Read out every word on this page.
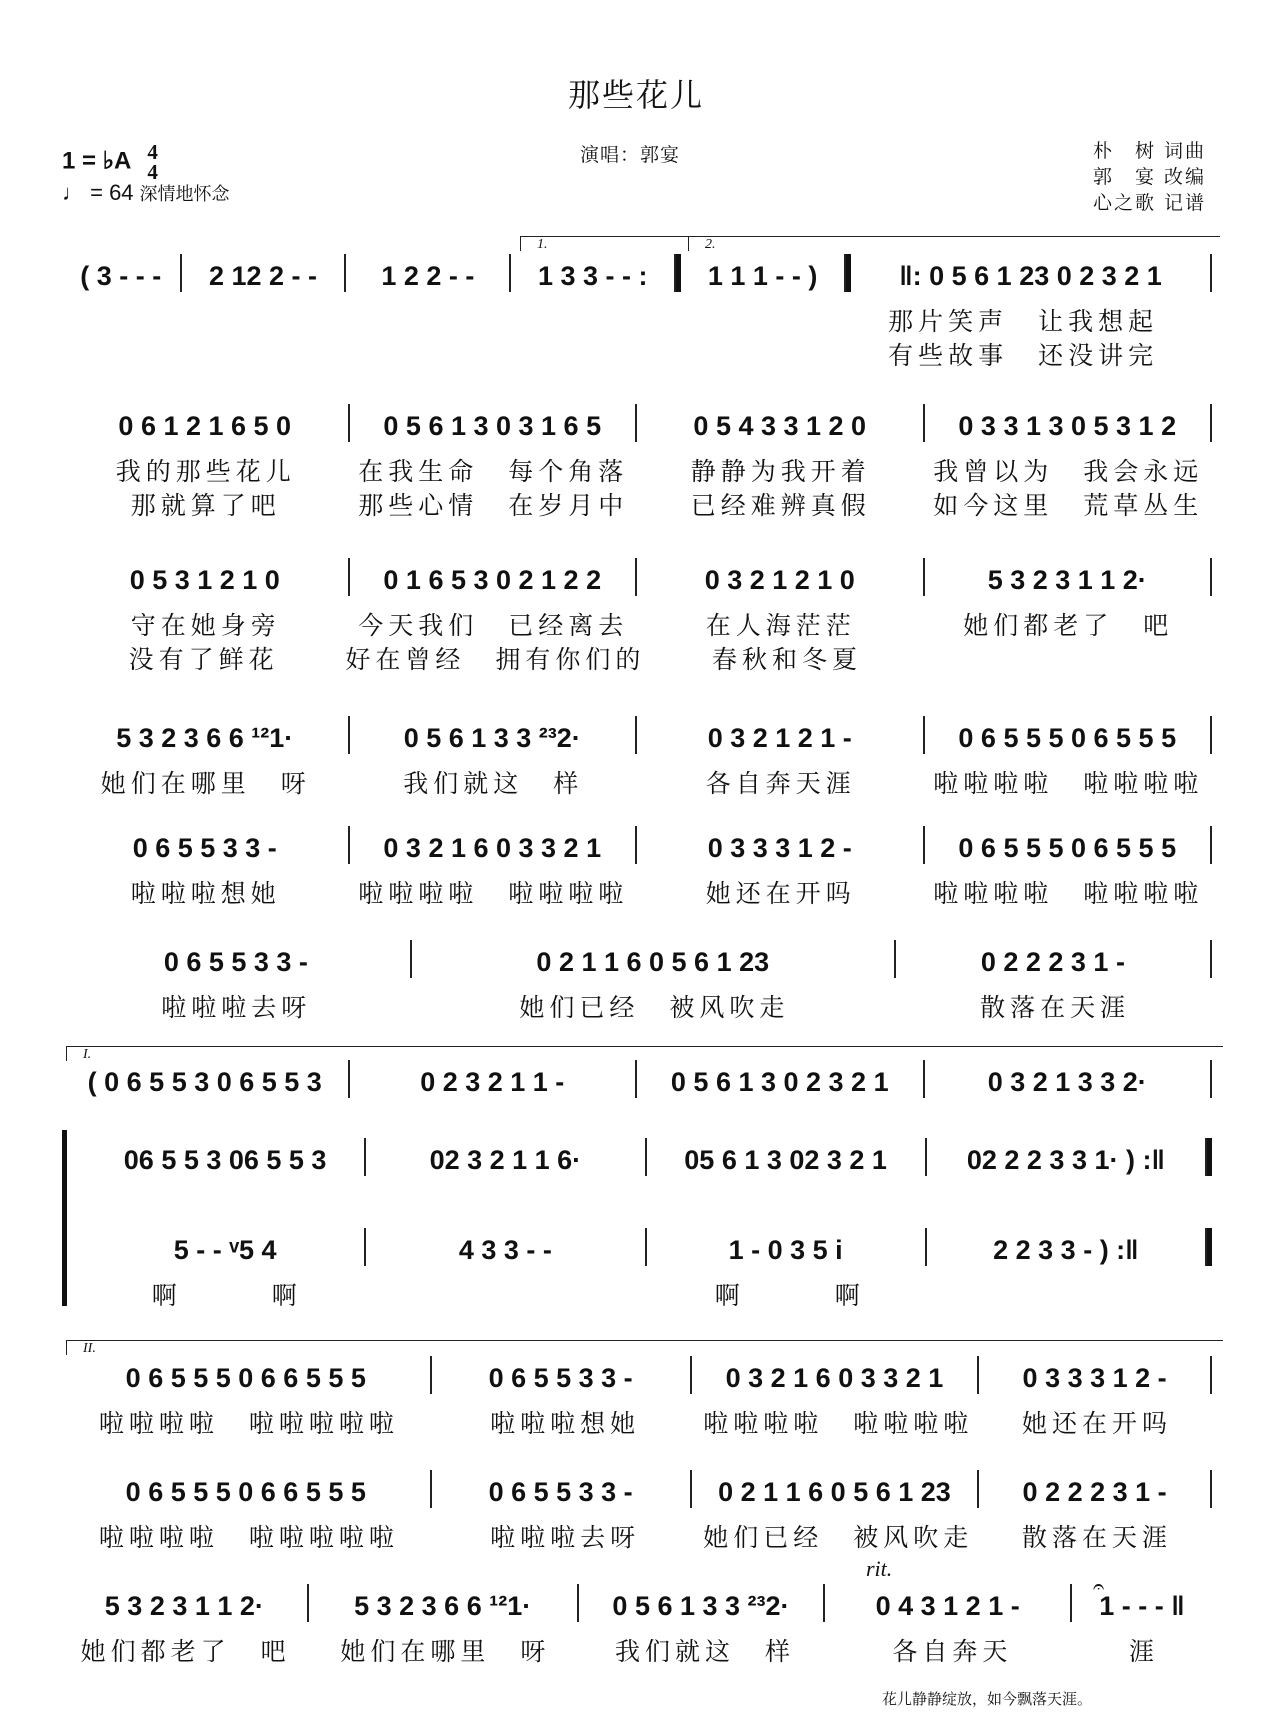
那些花儿
1 = ♭A 4
4
♩ = 64 深情地怀念
演唱：郭宴	朴　树 词曲
郭　宴 改编
心之歌 记谱
1.	2.
( 3 - - -	2 12 2 - -	1 2 2 - -	1 3 3 - - :	1 1 1 - - )	‖: 0 5 6 1 23 0 2 3 2 1
那片笑声　让我想起
有些故事　还没讲完
0 6 1 2 1 6 5 0	0 5 6 1 3 0 3 1 6 5	0 5 4 3 3 1 2 0	0 3 3 1 3 0 5 3 1 2
我的那些花儿	在我生命　每个角落	静静为我开着	我曾以为　我会永远
那就算了吧	那些心情　在岁月中	已经难辨真假	如今这里　荒草丛生
0 5 3 1 2 1 0	0 1 6 5 3 0 2 1 2 2	0 3 2 1 2 1 0	5 3 2 3 1 1 2·
守在她身旁	今天我们　已经离去	在人海茫茫	她们都老了　吧
没有了鲜花	好在曾经　拥有你们的	春秋和冬夏
5 3 2 3 6 6 ¹²1·	0 5 6 1 3 3 ²³2·	0 3 2 1 2 1 -	0 6 5 5 5 0 6 5 5 5
她们在哪里　呀	我们就这　样	各自奔天涯	啦啦啦啦　啦啦啦啦
0 6 5 5 3 3 -	0 3 2 1 6 0 3 3 2 1	0 3 3 3 1 2 -	0 6 5 5 5 0 6 5 5 5
啦啦啦想她	啦啦啦啦　啦啦啦啦	她还在开吗	啦啦啦啦　啦啦啦啦
0 6 5 5 3 3 -	0 2 1 1 6 0 5 6 1 23	0 2 2 2 3 1 -
啦啦啦去呀	她们已经　被风吹走	散落在天涯
I.
( 0 6 5 5 3 0 6 5 5 3	0 2 3 2 1 1 -	0 5 6 1 3 0 2 3 2 1	0 3 2 1 3 3 2·
06 5 5 3 06 5 5 3	02 3 2 1 1 6·	05 6 1 3 02 3 2 1	02 2 2 3 3 1· ) :‖
5 - - ᵛ5 4	4 3 3 - -	1 - 0 3 5 i	2 2 3 3 - ) :‖
啊　　　啊	啊　　　啊
II.
0 6 5 5 5 0 6 6 5 5 5	0 6 5 5 3 3 -	0 3 2 1 6 0 3 3 2 1	0 3 3 3 1 2 -
啦啦啦啦　啦啦啦啦啦	啦啦啦想她	啦啦啦啦　啦啦啦啦	她还在开吗
0 6 5 5 5 0 6 6 5 5 5	0 6 5 5 3 3 -	0 2 1 1 6 0 5 6 1 23	0 2 2 2 3 1 -
啦啦啦啦　啦啦啦啦啦	啦啦啦去呀	她们已经　被风吹走	散落在天涯
rit.
𝄐
5 3 2 3 1 1 2·	5 3 2 3 6 6 ¹²1·	0 5 6 1 3 3 ²³2·	0 4 3 1 2 1 -	1 - - - ‖
她们都老了　吧	她们在哪里　呀	我们就这　样	各自奔天	涯
花儿静静绽放，如今飘落天涯。
